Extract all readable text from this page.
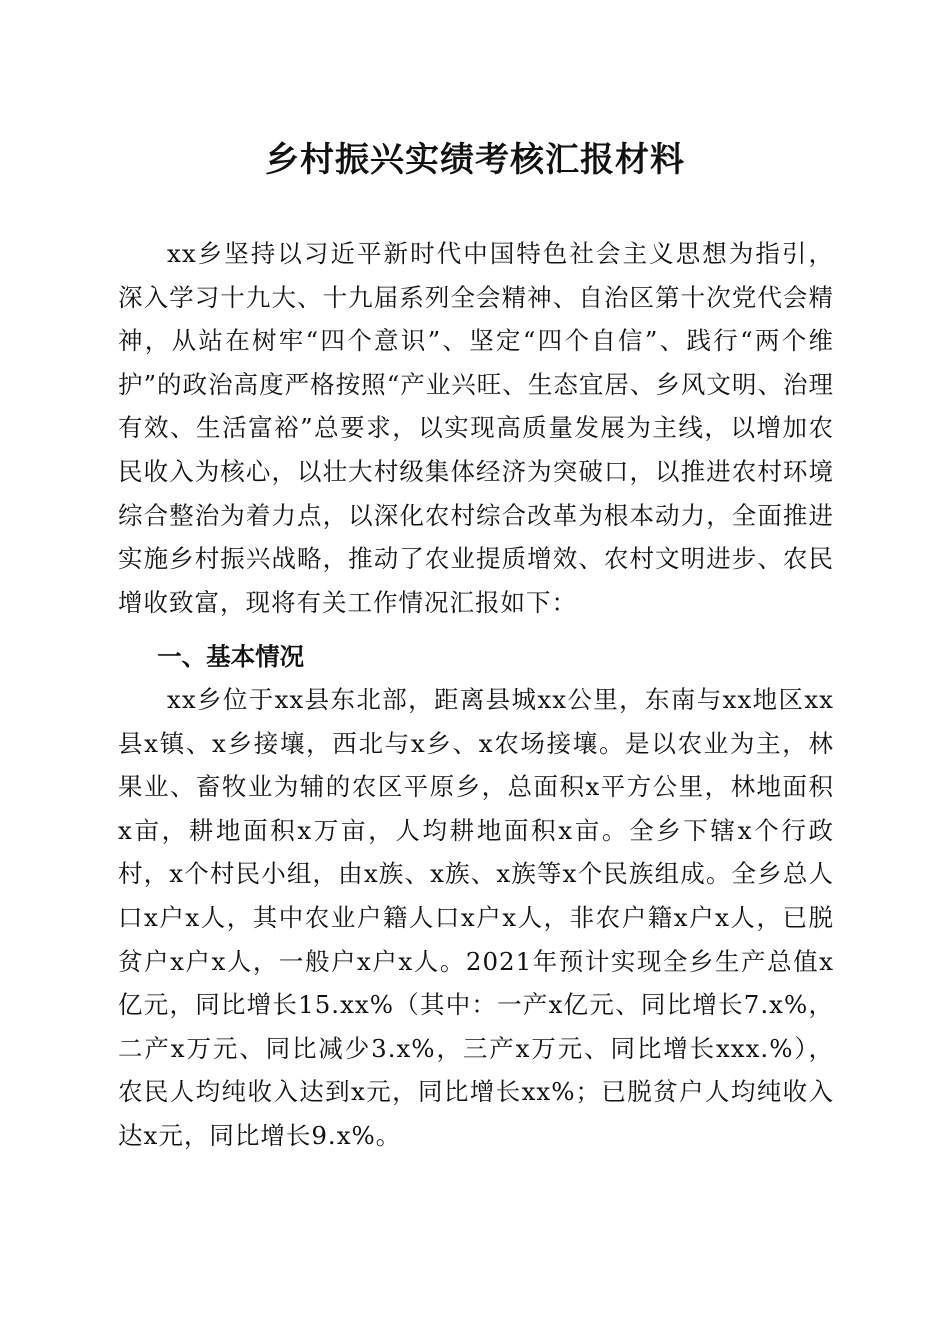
乡村振兴实绩考核汇报材料

xx乡坚持以习近平新时代中国特色社会主义思想为指引，深入学习十九大、十九届系列全会精神、自治区第十次党代会精神，从站在树牢“四个意识”、坚定“四个自信”、践行“两个维护”的政治高度严格按照“产业兴旺、生态宜居、乡风文明、治理有效、生活富裕”总要求，以实现高质量发展为主线，以增加农民收入为核心，以壮大村级集体经济为突破口，以推进农村环境综合整治为着力点，以深化农村综合改革为根本动力，全面推进实施乡村振兴战略，推动了农业提质增效、农村文明进步、农民增收致富，现将有关工作情况汇报如下：

一、基本情况

xx乡位于xx县东北部，距离县城xx公里，东南与xx地区xx县x镇、x乡接壤，西北与x乡、x农场接壤。是以农业为主，林果业、畜牧业为辅的农区平原乡，总面积x平方公里，林地面积x亩，耕地面积x万亩，人均耕地面积x亩。全乡下辖x个行政村，x个村民小组，由x族、x族、x族等x个民族组成。全乡总人口x户x人，其中农业户籍人口x户x人，非农户籍x户x人，已脱贫户x户x人，一般户x户x人。2021年预计实现全乡生产总值x亿元，同比增长15.xx%（其中：一产x亿元、同比增长7.x%，二产x万元、同比减少3.x%，三产x万元、同比增长xxx.%），农民人均纯收入达到x元，同比增长xx%；已脱贫户人均纯收入达x元，同比增长9.x%。
